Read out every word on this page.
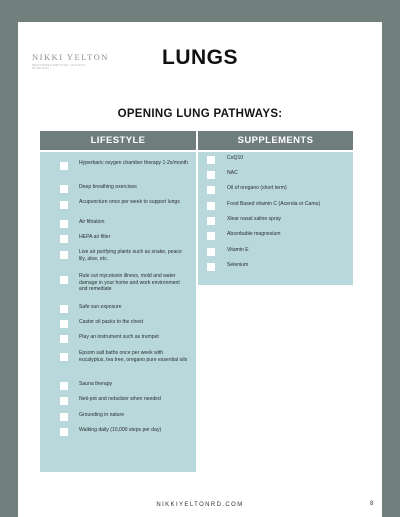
NIKKI YELTON
REGISTERED DIETITIAN • HOLISTIC NUTRITION	LUNGS
OPENING LUNG PATHWAYS:
LIFESTYLE	SUPPLEMENTS
Hyperbaric oxygen chamber therapy 1-2x/month
Deep breathing exercises
Acupuncture once per week to support lungs
Air filtration
HEPA air filter
Live air purifying plants such as snake, peace lily, aloe, etc.
Rule out mycotoxin illness, mold and water damage in your home and work environment and remediate
Safe sun exposure
Castor oil packs to the chest
Play an instrument such as trumpet
Epsom salt baths once per week with eucalyptus, tea tree, oregano pure essential oils
Sauna therapy
Neti-pot and nebulizer when needed
Grounding in nature
Walking daily (10,000 steps per day)
CoQ10
NAC
Oil of oregano (short term)
Food Based vitamin C (Acerola or Camu)
Xlear nasal saline spray
Absorbable magnesium
Vitamin E
Selenium
NIKKIYELTONRD.COM	8
